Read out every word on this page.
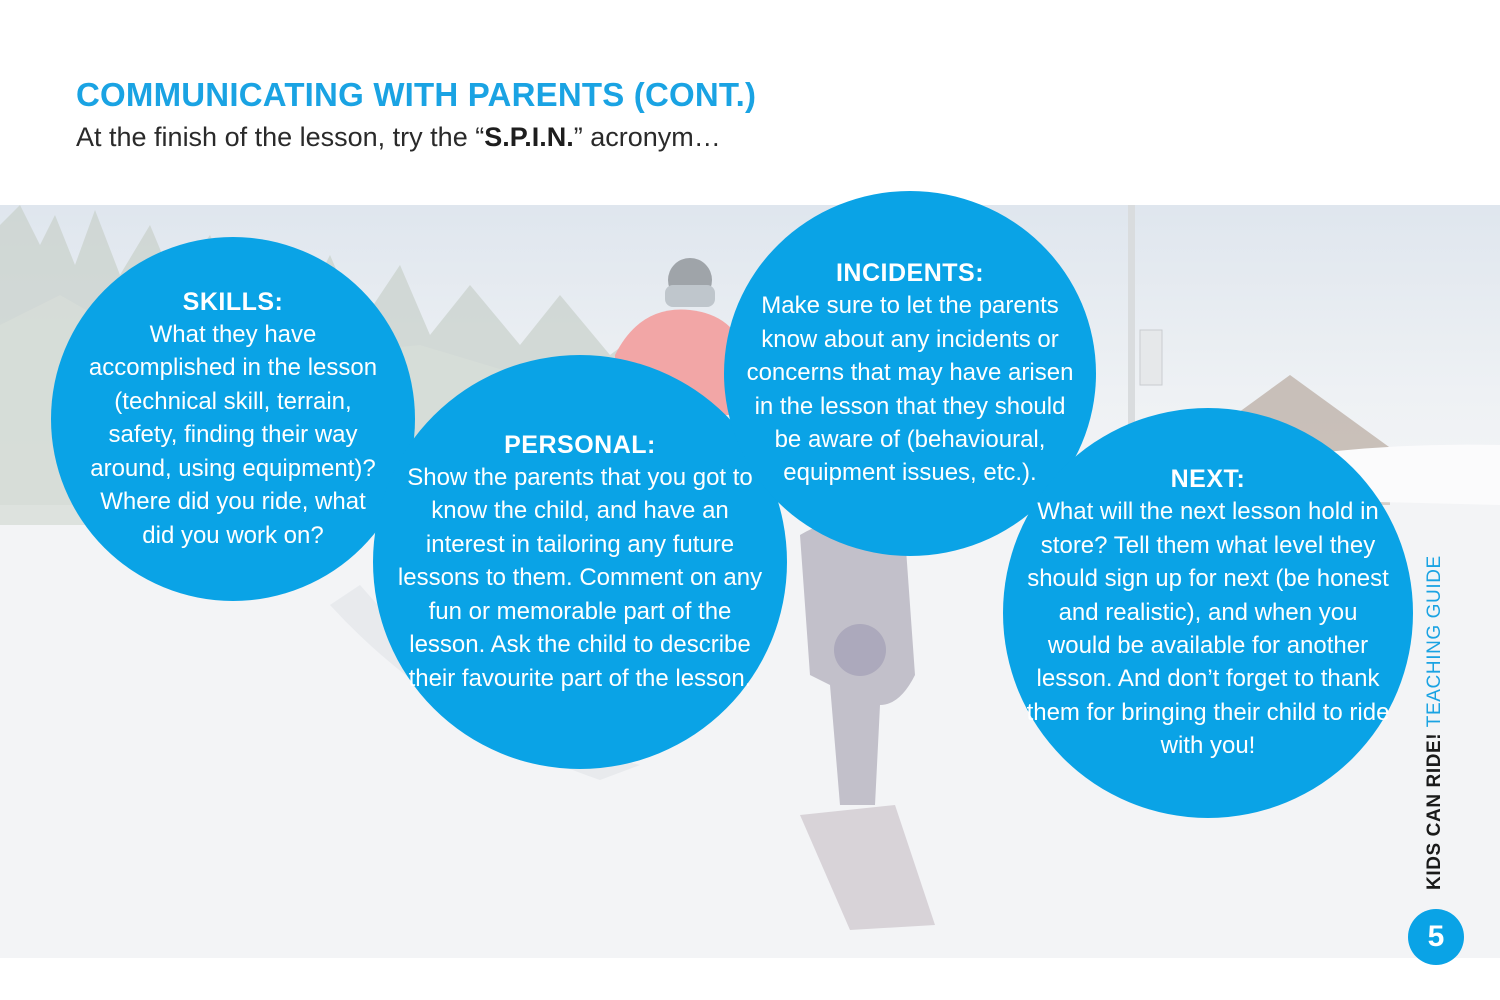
COMMUNICATING WITH PARENTS (CONT.)

At the finish of the lesson, try the “S.P.I.N.” acronym…

SKILLS:
What they have accomplished in the lesson (technical skill, terrain, safety, finding their way around, using equipment)? Where did you ride, what did you work on?
PERSONAL:
Show the parents that you got to know the child, and have an interest in tailoring any future lessons to them. Comment on any fun or memorable part of the lesson. Ask the child to describe their favourite part of the lesson.
INCIDENTS:
Make sure to let the parents know about any incidents or concerns that may have arisen in the lesson that they should be aware of (behavioural, equipment issues, etc.).	NEXT:
What will the next lesson hold in store? Tell them what level they should sign up for next (be honest and realistic), and when you would be available for another lesson. And don’t forget to thank them for bringing their child to ride with you!	KIDS CAN RIDE! TEACHING GUIDE
5
